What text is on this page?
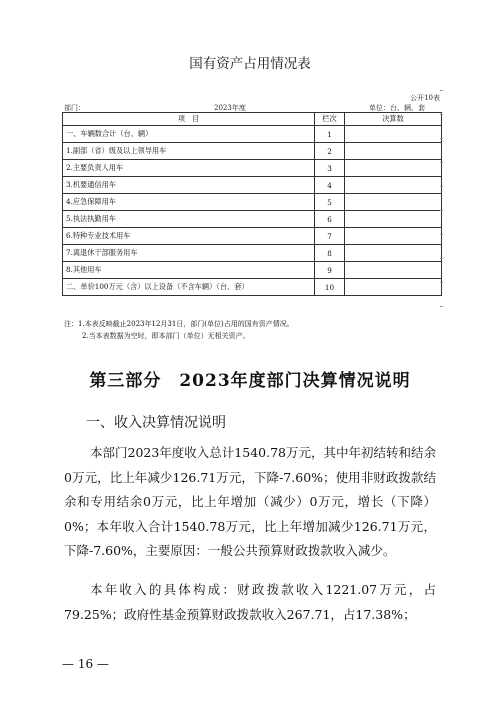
国有资产占用情况表
公开10表
部门：	2023年度	单位：台、辆、套
项　目	栏次	决算数
一、车辆数合计（台、辆）	1	
1.副部（省）级及以上领导用车	2	
2.主要负责人用车	3	
3.机要通信用车	4	
4.应急保障用车	5	
5.执法执勤用车	6	
6.特种专业技术用车	7	
7.离退休干部服务用车	8	
8.其他用车	9	
二、单价100万元（含）以上设备（不含车辆）（台、套）	10	
注：1.本表反映截止2023年12月31日，部门(单位)占用的国有资产情况。
2.当本表数据为空时，即本部门（单位）无相关资产。
第三部分　2023年度部门决算情况说明
一、收入决算情况说明
本部门2023年度收入总计1540.78万元，其中年初结转和结余0万元，比上年减少126.71万元，下降-7.60%；使用非财政拨款结余和专用结余0万元，比上年增加（减少）0万元，增长（下降）0%；本年收入合计1540.78万元，比上年增加减少126.71万元，下降-7.60%，主要原因：一般公共预算财政拨款收入减少。
本年收入的具体构成：财政拨款收入1221.07万元，占79.25%；政府性基金预算财政拨款收入267.71，占17.38%；
— 16 —
